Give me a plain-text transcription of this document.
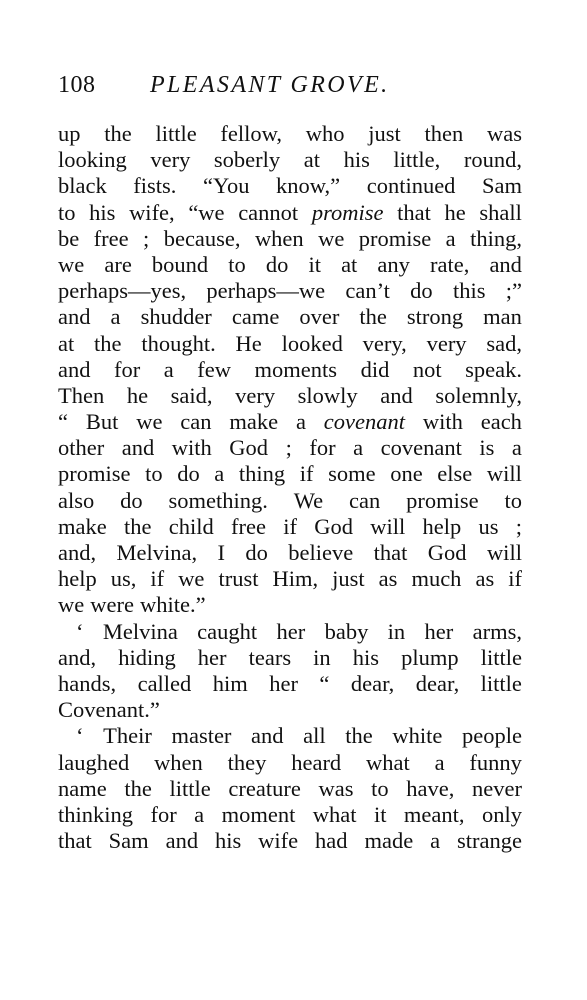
108 PLEASANT GROVE.
up the little fellow, who just then was
looking very soberly at his little, round,
black fists. “You know,” continued Sam
to his wife, “we cannot promise that he shall
be free ; because, when we promise a thing,
we are bound to do it at any rate, and
perhaps—yes, perhaps—we can’t do this ;”
and a shudder came over the strong man
at the thought. He looked very, very sad,
and for a few moments did not speak.
Then he said, very slowly and solemnly,
“ But we can make a covenant with each
other and with God ; for a covenant is a
promise to do a thing if some one else will
also do something. We can promise to
make the child free if God will help us ;
and, Melvina, I do believe that God will
help us, if we trust Him, just as much as if
we were white.”
‘ Melvina caught her baby in her arms,
and, hiding her tears in his plump little
hands, called him her “ dear, dear, little
Covenant.”
‘ Their master and all the white people
laughed when they heard what a funny
name the little creature was to have, never
thinking for a moment what it meant, only
that Sam and his wife had made a strange
